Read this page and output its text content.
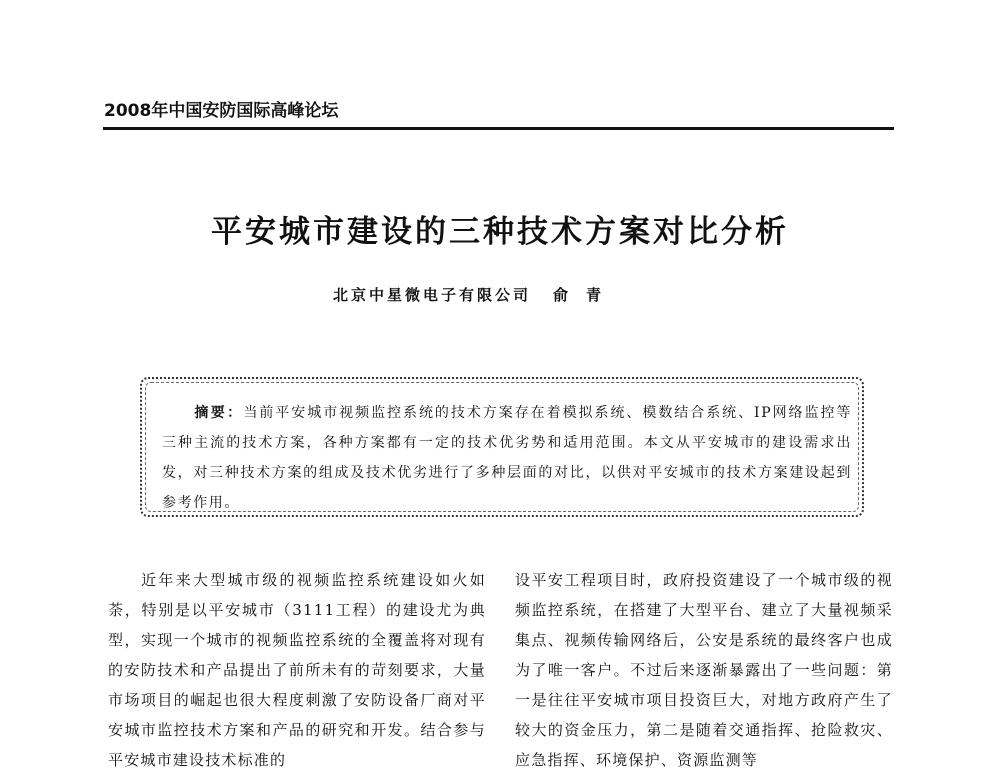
2008年中国安防国际高峰论坛
平安城市建设的三种技术方案对比分析
北京中星微电子有限公司 俞青
摘要：当前平安城市视频监控系统的技术方案存在着模拟系统、模数结合系统、IP网络监控等三种主流的技术方案，各种方案都有一定的技术优劣势和适用范围。本文从平安城市的建设需求出发，对三种技术方案的组成及技术优劣进行了多种层面的对比，以供对平安城市的技术方案建设起到参考作用。
近年来大型城市级的视频监控系统建设如火如荼，特别是以平安城市（3111工程）的建设尤为典型，实现一个城市的视频监控系统的全覆盖将对现有的安防技术和产品提出了前所未有的苛刻要求，大量市场项目的崛起也很大程度刺激了安防设备厂商对平安城市监控技术方案和产品的研究和开发。结合参与平安城市建设技术标准的
设平安工程项目时，政府投资建设了一个城市级的视频监控系统，在搭建了大型平台、建立了大量视频采集点、视频传输网络后，公安是系统的最终客户也成为了唯一客户。不过后来逐渐暴露出了一些问题：第一是往往平安城市项目投资巨大，对地方政府产生了较大的资金压力，第二是随着交通指挥、抢险救灾、应急指挥、环境保护、资源监测等
